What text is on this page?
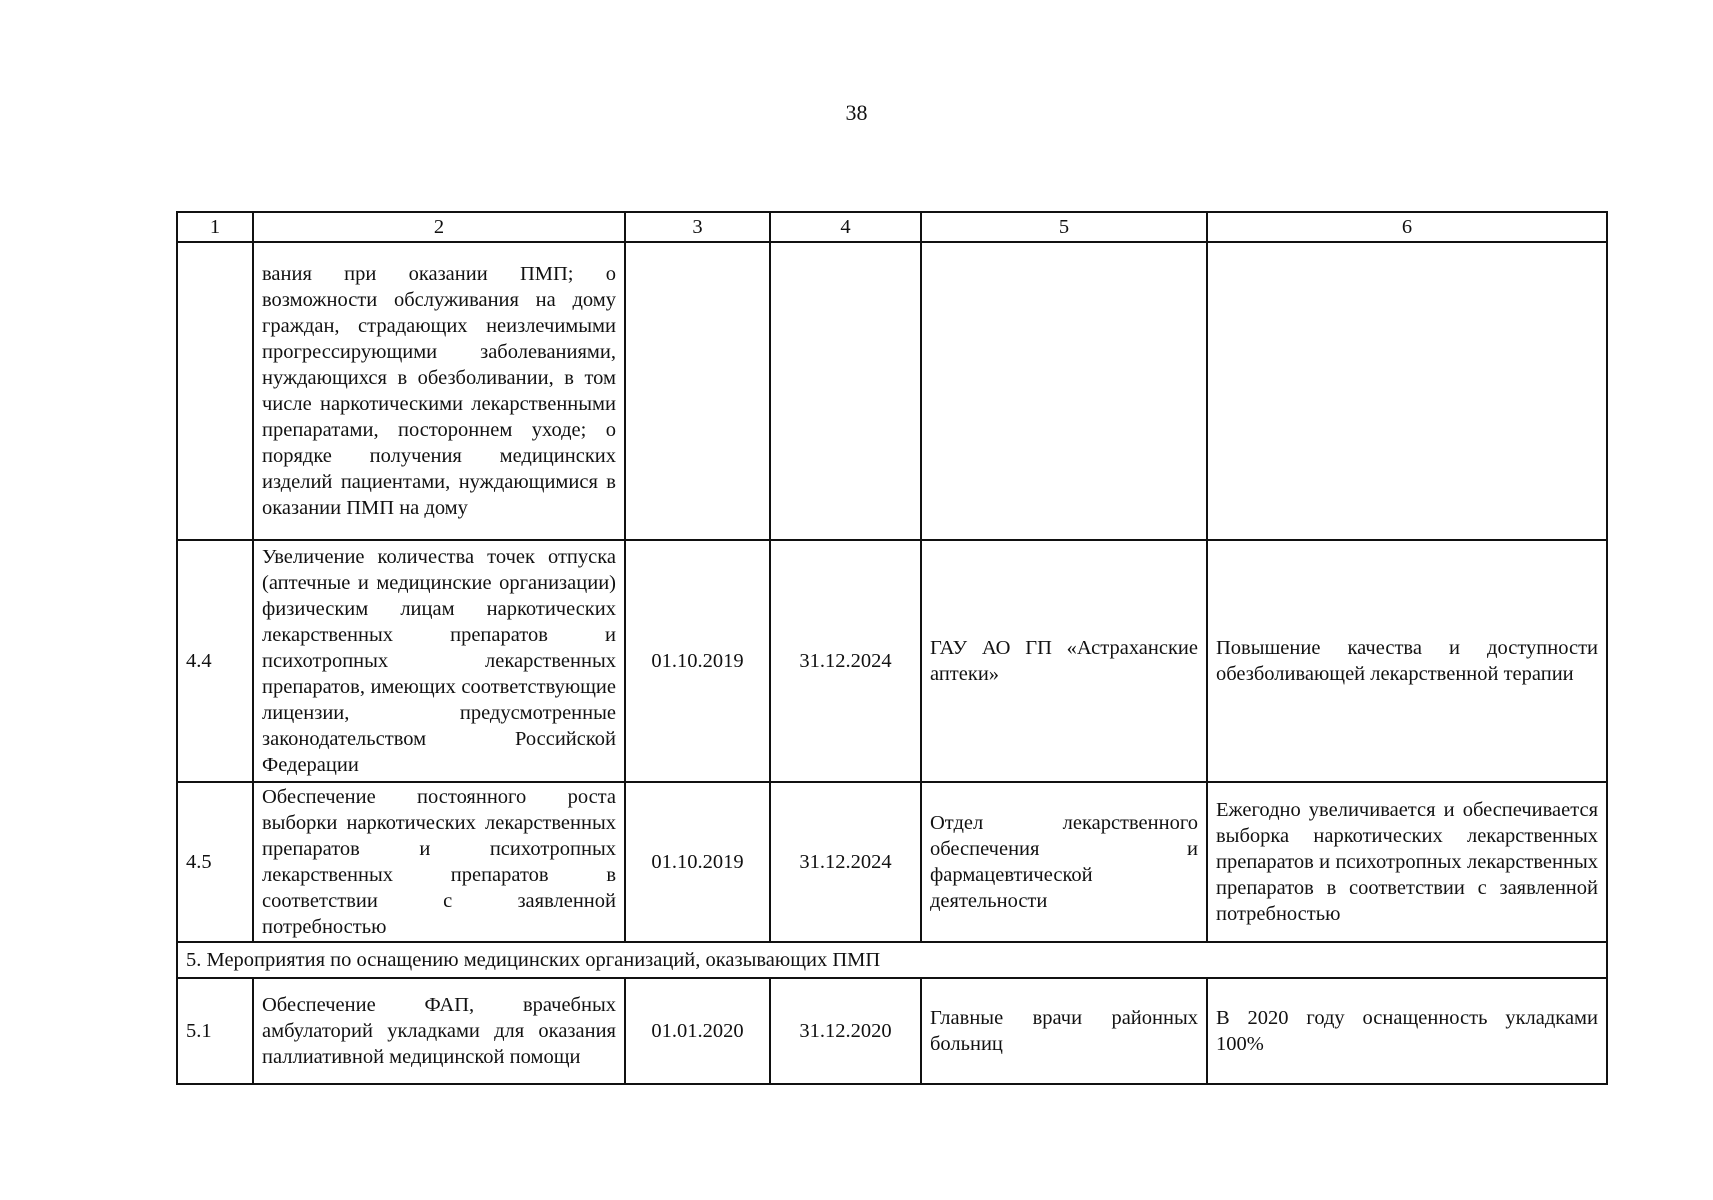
38
1	2	3	4	5	6
	вания при оказании ПМП; о возможности обслуживания на дому граждан, страдающих неизлечимыми прогрессирующими заболеваниями, нуждающихся в обезболивании, в том числе наркотическими лекарственными препаратами, постороннем уходе; о порядке получения медицинских изделий пациентами, нуждающимися в оказании ПМП на дому				
4.4	Увеличение количества точек отпуска (аптечные и медицинские организации) физическим лицам наркотических лекарственных препаратов и психотропных лекарственных препаратов, имеющих соответствующие лицензии, предусмотренные законодательством Российской Федерации	01.10.2019	31.12.2024	ГАУ АО ГП «Астраханские аптеки»	Повышение качества и доступности обезболивающей лекарственной терапии
4.5	Обеспечение постоянного роста выборки наркотических лекарственных препаратов и психотропных лекарственных препаратов в соответствии с заявленной потребностью	01.10.2019	31.12.2024	Отдел лекарственного обеспечения и фармацевтической деятельности	Ежегодно увеличивается и обеспечивается выборка наркотических лекарственных препаратов и психотропных лекарственных препаратов в соответствии с заявленной потребностью
5. Мероприятия по оснащению медицинских организаций, оказывающих ПМП					
5.1	Обеспечение ФАП, врачебных амбулаторий укладками для оказания паллиативной медицинской помощи	01.01.2020	31.12.2020	Главные врачи районных больниц	В 2020 году оснащенность укладками 100%
